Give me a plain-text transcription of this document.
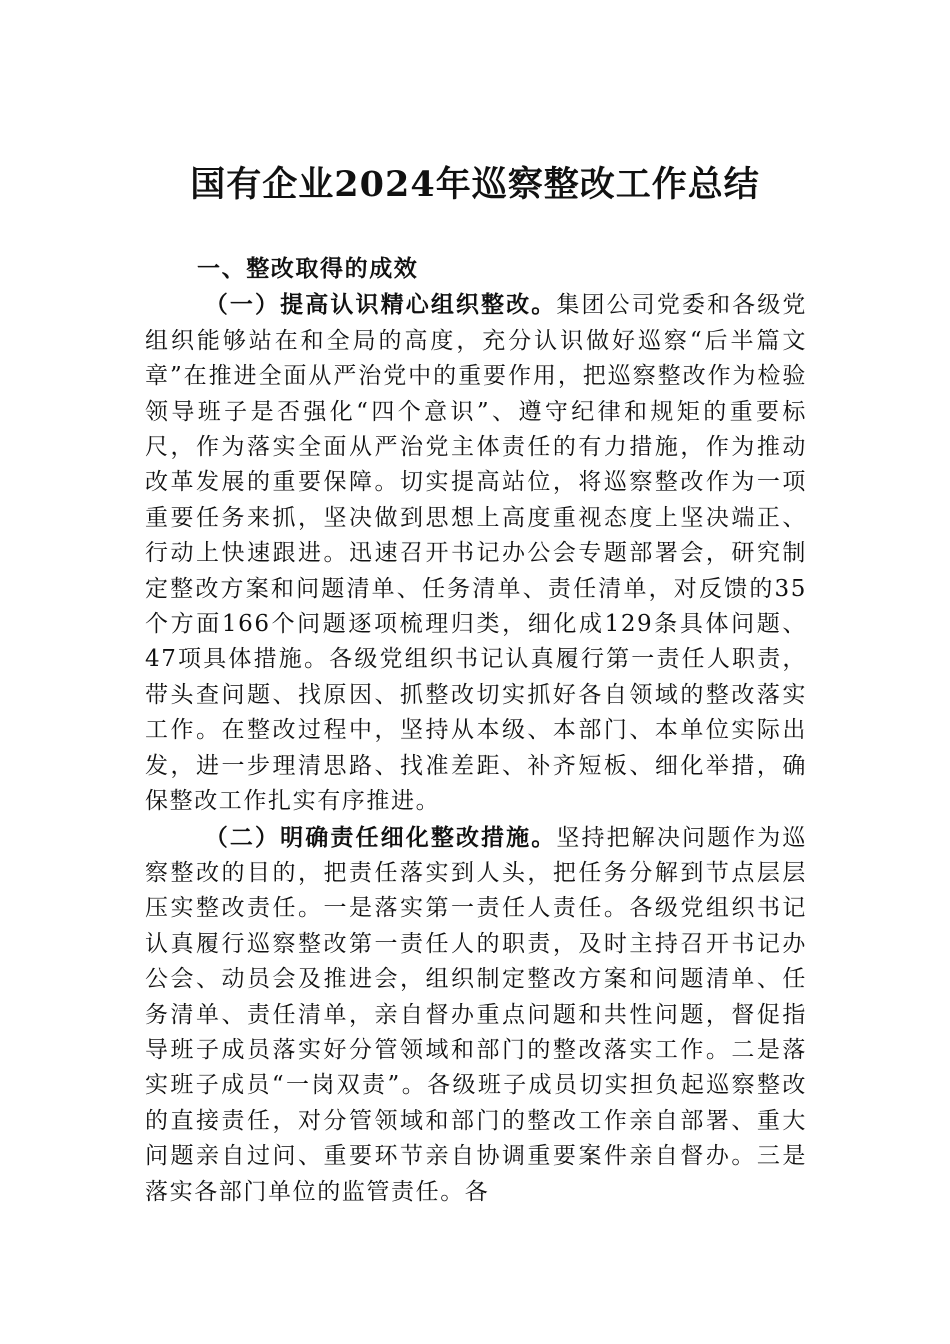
国有企业2024年巡察整改工作总结

一、整改取得的成效

（一）提高认识精心组织整改。集团公司党委和各级党组织能够站在和全局的高度，充分认识做好巡察“后半篇文章”在推进全面从严治党中的重要作用，把巡察整改作为检验领导班子是否强化“四个意识”、遵守纪律和规矩的重要标尺，作为落实全面从严治党主体责任的有力措施，作为推动改革发展的重要保障。切实提高站位，将巡察整改作为一项重要任务来抓，坚决做到思想上高度重视态度上坚决端正、行动上快速跟进。迅速召开书记办公会专题部署会，研究制定整改方案和问题清单、任务清单、责任清单，对反馈的35个方面166个问题逐项梳理归类，细化成129条具体问题、47项具体措施。各级党组织书记认真履行第一责任人职责，带头查问题、找原因、抓整改切实抓好各自领域的整改落实工作。在整改过程中，坚持从本级、本部门、本单位实际出发，进一步理清思路、找准差距、补齐短板、细化举措，确保整改工作扎实有序推进。

（二）明确责任细化整改措施。坚持把解决问题作为巡察整改的目的，把责任落实到人头，把任务分解到节点层层压实整改责任。一是落实第一责任人责任。各级党组织书记认真履行巡察整改第一责任人的职责，及时主持召开书记办公会、动员会及推进会，组织制定整改方案和问题清单、任务清单、责任清单，亲自督办重点问题和共性问题，督促指导班子成员落实好分管领域和部门的整改落实工作。二是落实班子成员“一岗双责”。各级班子成员切实担负起巡察整改的直接责任，对分管领域和部门的整改工作亲自部署、重大问题亲自过问、重要环节亲自协调重要案件亲自督办。三是落实各部门单位的监管责任。各
